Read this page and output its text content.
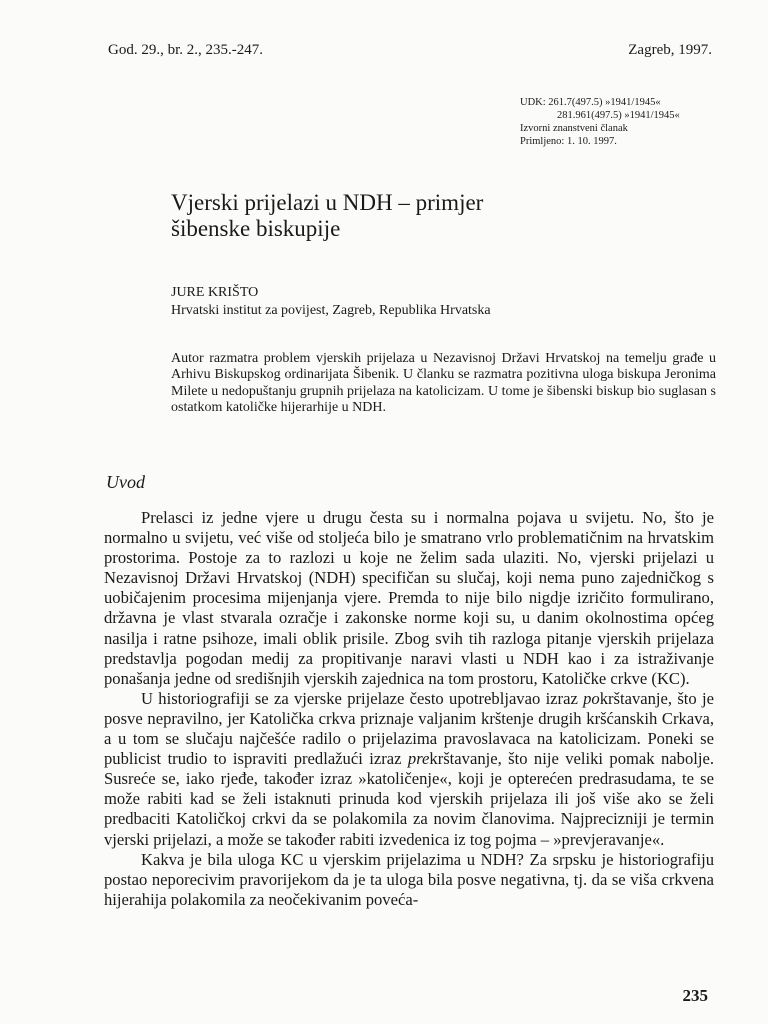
God. 29., br. 2., 235.-247.	Zagreb, 1997.
UDK: 261.7(497.5) »1941/1945«
281.961(497.5) »1941/1945«
Izvorni znanstveni članak
Primljeno: 1. 10. 1997.
Vjerski prijelazi u NDH – primjer
šibenske biskupije
JURE KRIŠTO
Hrvatski institut za povijest, Zagreb, Republika Hrvatska
Autor razmatra problem vjerskih prijelaza u Nezavisnoj Državi Hrvatskoj na temelju građe u Arhivu Biskupskog ordinarijata Šibenik. U članku se razmatra pozitivna uloga biskupa Jeronima Milete u nedopuštanju grupnih prijelaza na katolicizam. U tome je šibenski biskup bio suglasan s ostatkom katoličke hijerarhije u NDH.
Uvod

Prelasci iz jedne vjere u drugu česta su i normalna pojava u svijetu. No, što je normalno u svijetu, već više od stoljeća bilo je smatrano vrlo problematičnim na hrvatskim prostorima. Postoje za to razlozi u koje ne želim sada ulaziti. No, vjerski prijelazi u Nezavisnoj Državi Hrvatskoj (NDH) specifičan su slučaj, koji nema puno zajedničkog s uobičajenim procesima mijenjanja vjere. Premda to nije bilo nigdje izričito formulirano, državna je vlast stvarala ozračje i zakonske norme koji su, u danim okolnostima općeg nasilja i ratne psihoze, imali oblik prisile. Zbog svih tih razloga pitanje vjerskih prijelaza predstavlja pogodan medij za propitivanje naravi vlasti u NDH kao i za istraživanje ponašanja jedne od središnjih vjerskih zajednica na tom prostoru, Katoličke crkve (KC).

U historiografiji se za vjerske prijelaze često upotrebljavao izraz pokrštavanje, što je posve nepravilno, jer Katolička crkva priznaje valjanim krštenje drugih kršćanskih Crkava, a u tom se slučaju najčešće radilo o prijelazima pravoslavaca na katolicizam. Poneki se publicist trudio to ispraviti predlažući izraz prekrštavanje, što nije veliki pomak nabolje. Susreće se, iako rjeđe, također izraz »katoličenje«, koji je opterećen predrasudama, te se može rabiti kad se želi istaknuti prinuda kod vjerskih prijelaza ili još više ako se želi predbaciti Katoličkoj crkvi da se polakomila za novim članovima. Najprecizniji je termin vjerski prijelazi, a može se također rabiti izvedenica iz tog pojma – »prevjeravanje«.

Kakva je bila uloga KC u vjerskim prijelazima u NDH? Za srpsku je historiografiju postao neporecivim pravorijekom da je ta uloga bila posve negativna, tj. da se viša crkvena hijerahija polakomila za neočekivanim poveća-

235
